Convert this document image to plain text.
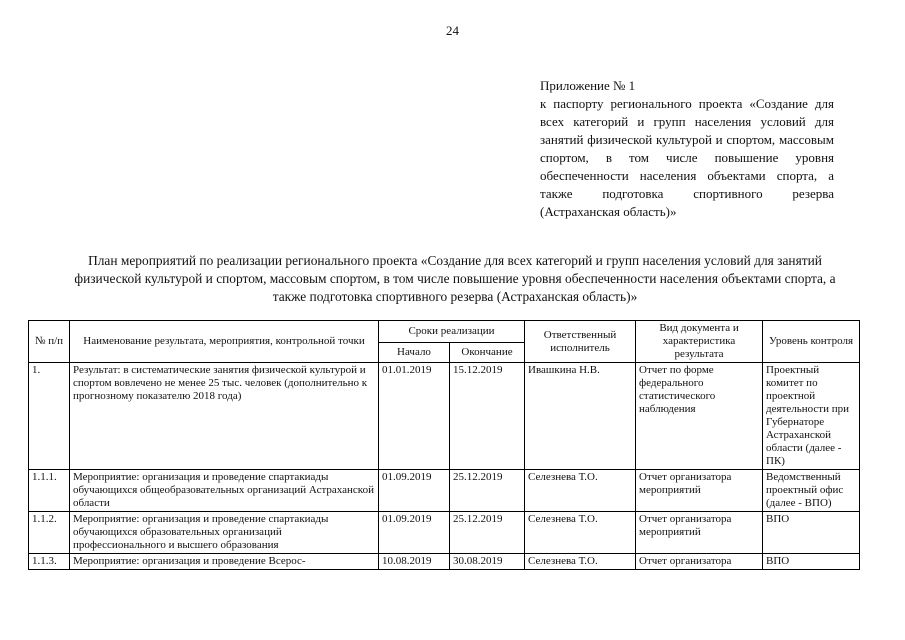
24
Приложение № 1
к паспорту регионального проекта «Создание для всех категорий и групп населения условий для занятий физической культурой и спортом, массовым спортом, в том числе повышение уровня обеспеченности населения объектами спорта, а также подготовка спортивного резерва (Астраханская область)»
План мероприятий по реализации регионального проекта «Создание для всех категорий и групп населения условий для занятий физической культурой и спортом, массовым спортом, в том числе повышение уровня обеспеченности населения объектами спорта, а также подготовка спортивного резерва (Астраханская область)»
№ п/п	Наименование результата, мероприятия, контрольной точки	Сроки реализации		Ответственный исполнитель	Вид документа и характеристика результата	Уровень контроля
		Начало	Окончание			
1.	Результат: в систематические занятия физической культурой и спортом вовлечено не менее 25 тыс. человек (дополнительно к прогнозному показателю 2018 года)	01.01.2019	15.12.2019	Ивашкина Н.В.	Отчет по форме федерального статистического наблюдения	Проектный комитет по проектной деятельности при Губернаторе Астраханской области (далее - ПК)
1.1.1.	Мероприятие: организация и проведение спартакиады обучающихся общеобразовательных организаций Астраханской области	01.09.2019	25.12.2019	Селезнева Т.О.	Отчет организатора мероприятий	Ведомственный проектный офис (далее - ВПО)
1.1.2.	Мероприятие: организация и проведение спартакиады обучающихся образовательных организаций профессионального и высшего образования	01.09.2019	25.12.2019	Селезнева Т.О.	Отчет организатора мероприятий	ВПО
1.1.3.	Мероприятие: организация и проведение Всерос-	10.08.2019	30.08.2019	Селезнева Т.О.	Отчет организатора	ВПО
